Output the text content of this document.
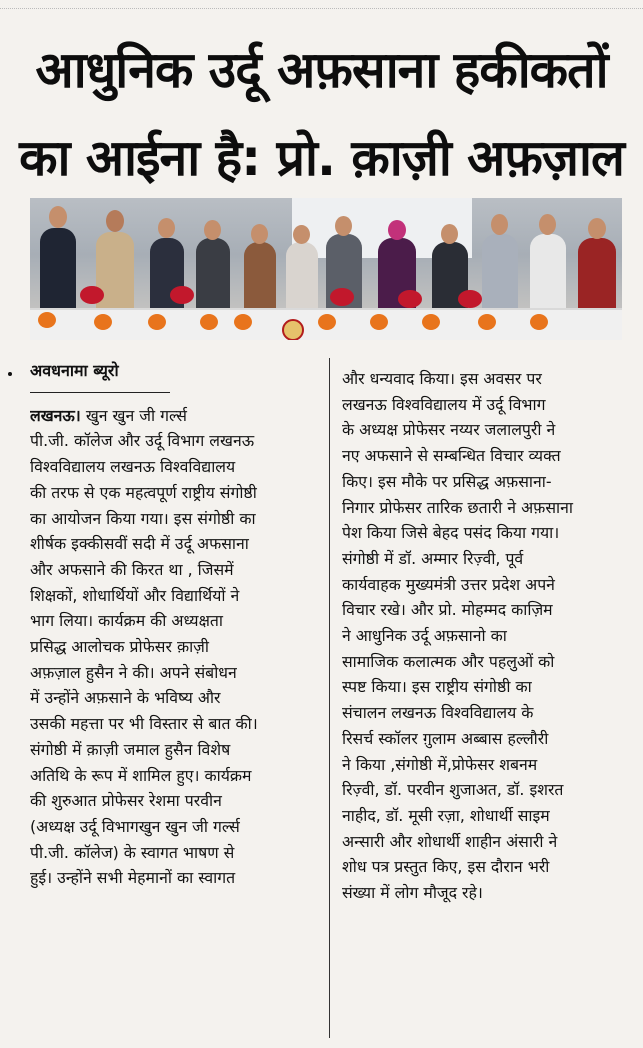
आधुनिक उर्दू अफ़साना हकीकतों
का आईना है: प्रो. क़ाज़ी अफ़ज़ाल

अवधनामा ब्यूरो

लखनऊ। खुन खुन जी गर्ल्स

पी.जी. कॉलेज और उर्दू विभाग लखनऊ

विश्वविद्यालय लखनऊ विश्वविद्यालय

की तरफ से एक महत्वपूर्ण राष्ट्रीय संगोष्ठी

का आयोजन किया गया। इस संगोष्ठी का

शीर्षक इक्कीसवीं सदी में उर्दू अफसाना

और अफसाने की किरत था , जिसमें

शिक्षकों, शोधार्थियों और विद्यार्थियों ने

भाग लिया। कार्यक्रम की अध्यक्षता

प्रसिद्ध आलोचक प्रोफेसर क़ाज़ी

अफ़ज़ाल हुसैन ने की। अपने संबोधन

में उन्होंने अफ़साने के भविष्य और

उसकी महत्ता पर भी विस्तार से बात की।

संगोष्ठी में क़ाज़ी जमाल हुसैन विशेष

अतिथि के रूप में शामिल हुए। कार्यक्रम

की शुरुआत प्रोफेसर रेशमा परवीन

(अध्यक्ष उर्दू विभागखुन खुन जी गर्ल्स

पी.जी. कॉलेज) के स्वागत भाषण से

हुई। उन्होंने सभी मेहमानों का स्वागत

और धन्यवाद किया। इस अवसर पर

लखनऊ विश्वविद्यालय में उर्दू विभाग

के अध्यक्ष प्रोफेसर नय्यर जलालपुरी ने

नए अफसाने से सम्बन्धित विचार व्यक्त

किए। इस मौके पर प्रसिद्ध अफ़साना-

निगार प्रोफेसर तारिक छतारी ने अफ़साना

पेश किया जिसे बेहद पसंद किया गया।

संगोष्ठी में डॉ. अम्मार रिज़्वी, पूर्व

कार्यवाहक मुख्यमंत्री उत्तर प्रदेश अपने

विचार रखे। और प्रो. मोहम्मद काज़िम

ने आधुनिक उर्दू अफ़सानो का

सामाजिक कलात्मक और पहलुओं को

स्पष्ट किया। इस राष्ट्रीय संगोष्ठी का

संचालन लखनऊ विश्वविद्यालय के

रिसर्च स्कॉलर ग़ुलाम अब्बास हल्लौरी

ने किया ,संगोष्ठी में,प्रोफेसर शबनम

रिज़्वी, डॉ. परवीन शुजाअत, डॉ. इशरत

नाहीद, डॉ. मूसी रज़ा, शोधार्थी साइम

अन्सारी और शोधार्थी शाहीन अंसारी ने

शोध पत्र प्रस्तुत किए, इस दौरान भरी

संख्या में लोग मौजूद रहे।
